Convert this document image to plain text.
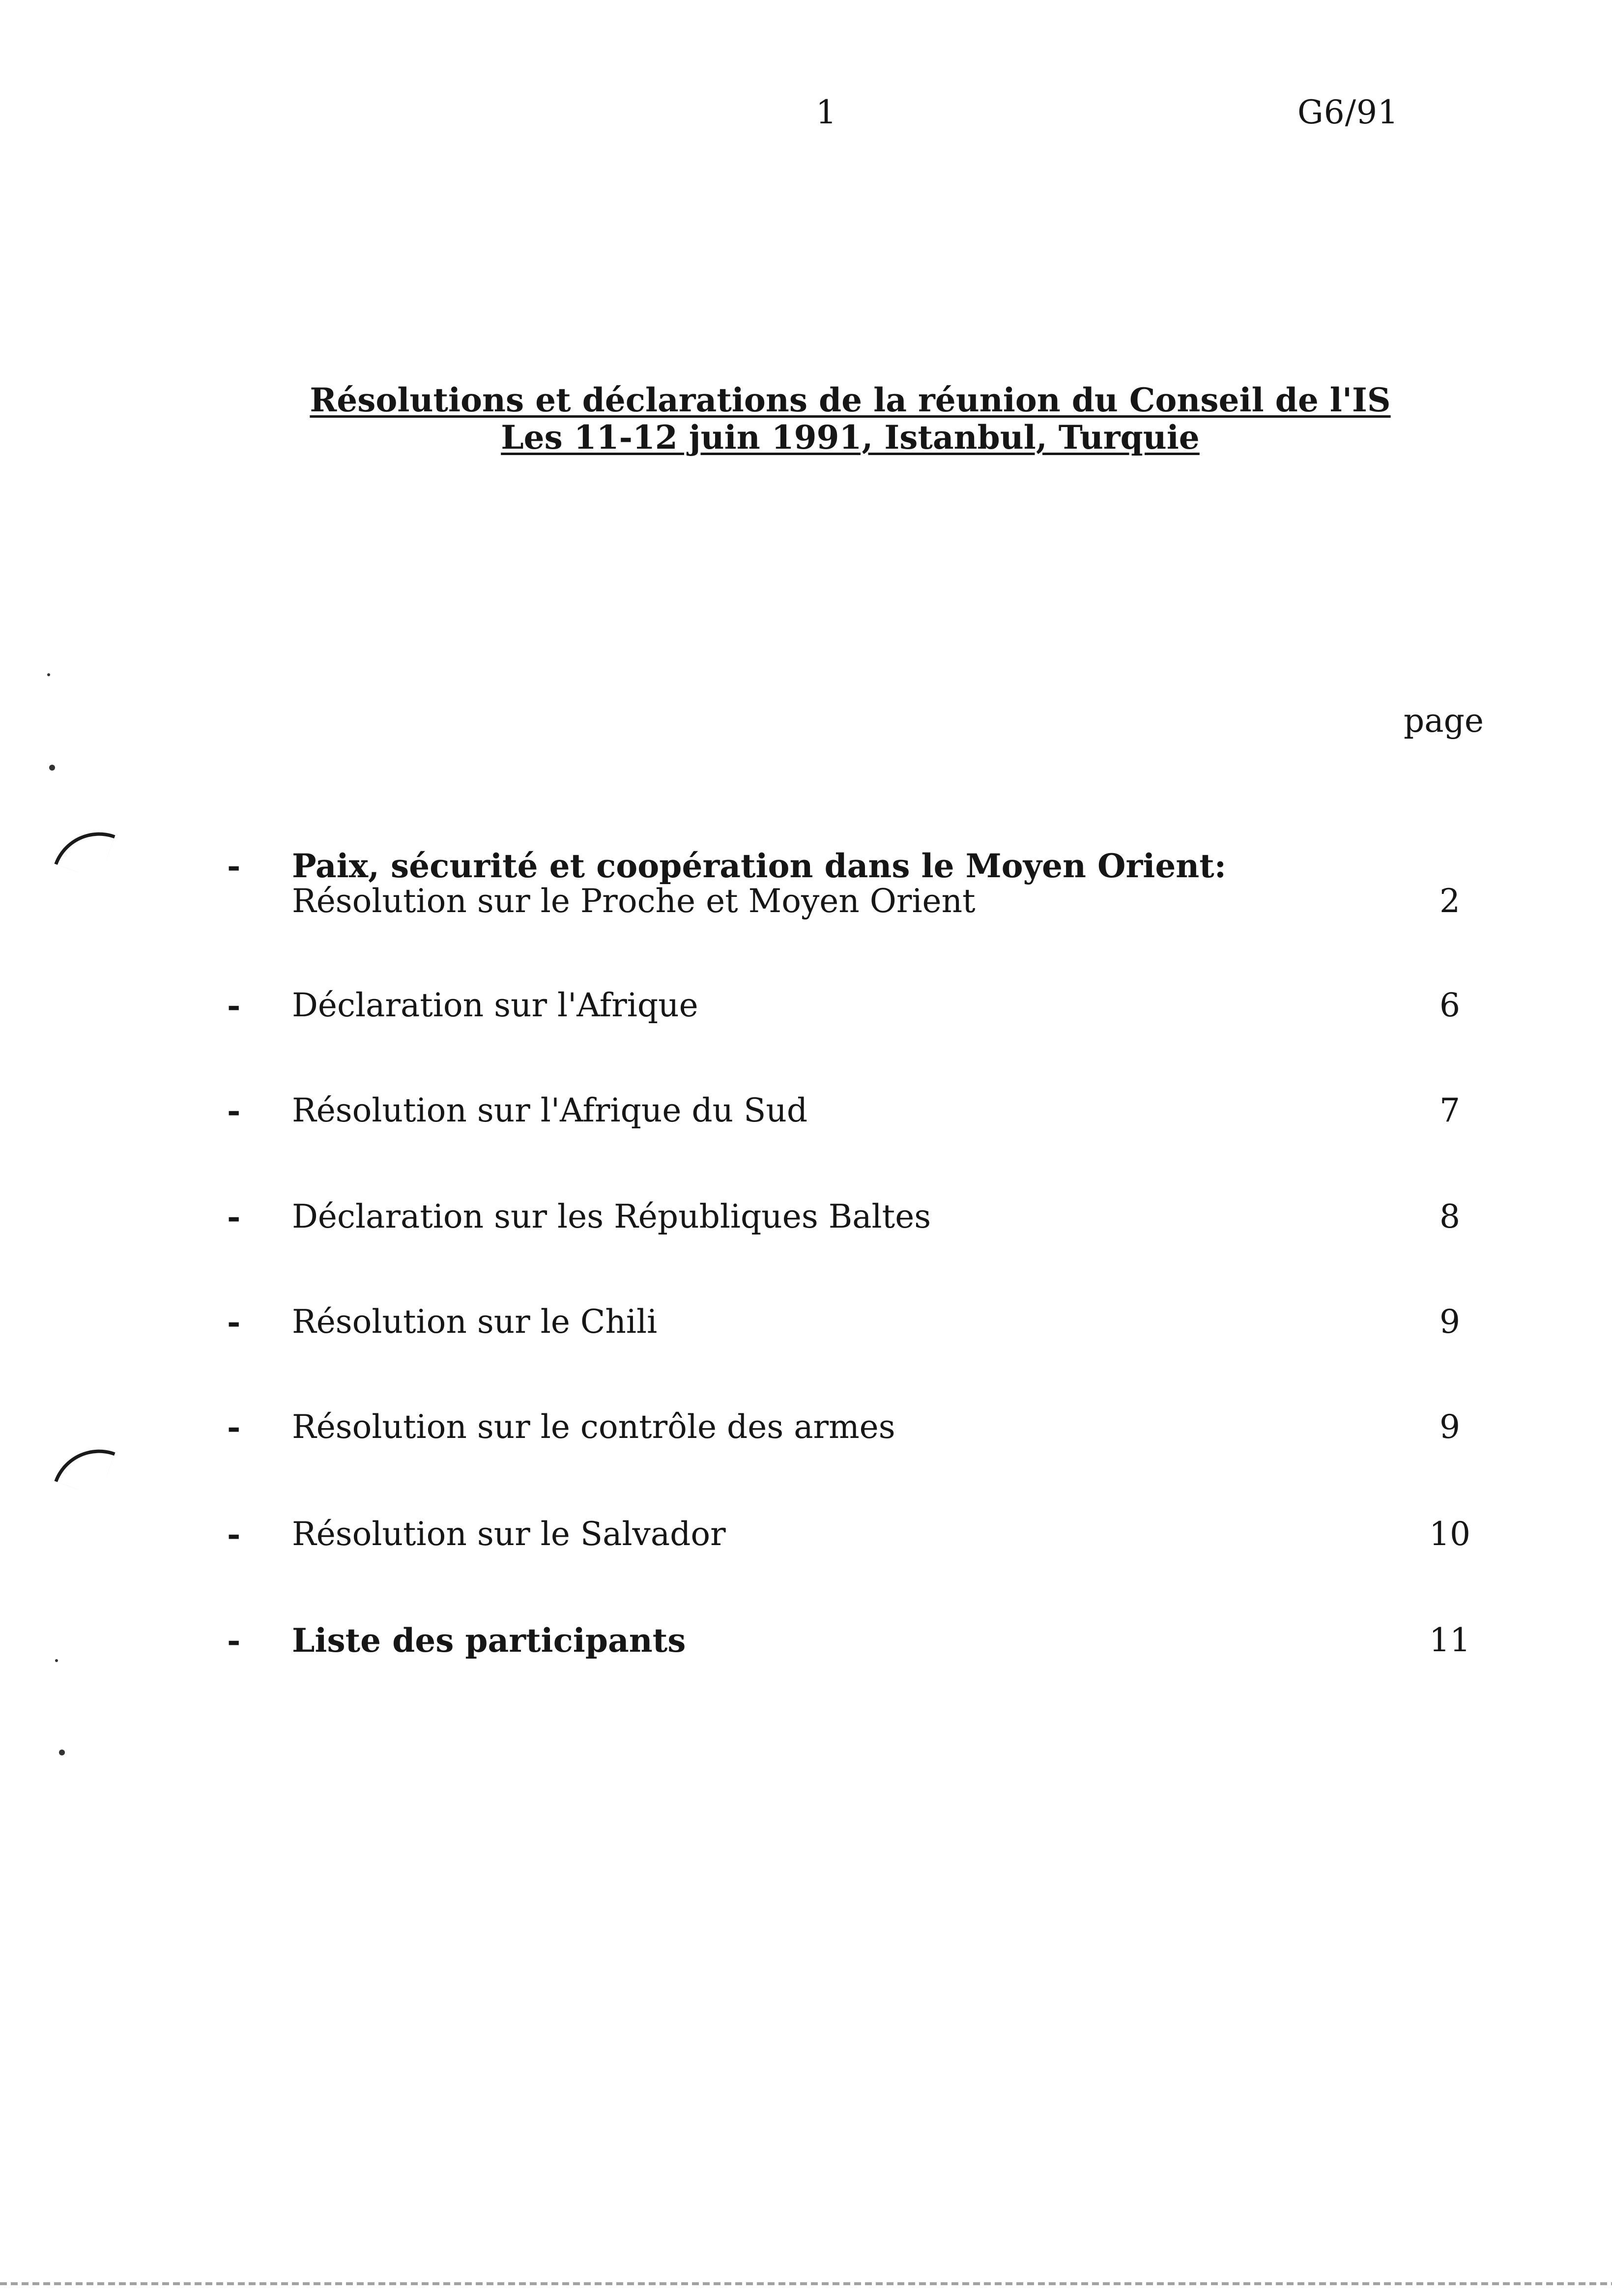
1	G6/91
Résolutions et déclarations de la réunion du Conseil de l'IS
Les 11-12 juin 1991, Istanbul, Turquie
page
- Paix, sécurité et coopération dans le Moyen Orient:
Résolution sur le Proche et Moyen Orient	2
- Déclaration sur l'Afrique	6
- Résolution sur l'Afrique du Sud	7
- Déclaration sur les Républiques Baltes	8
- Résolution sur le Chili	9
- Résolution sur le contrôle des armes	9
- Résolution sur le Salvador	10
- Liste des participants	11
